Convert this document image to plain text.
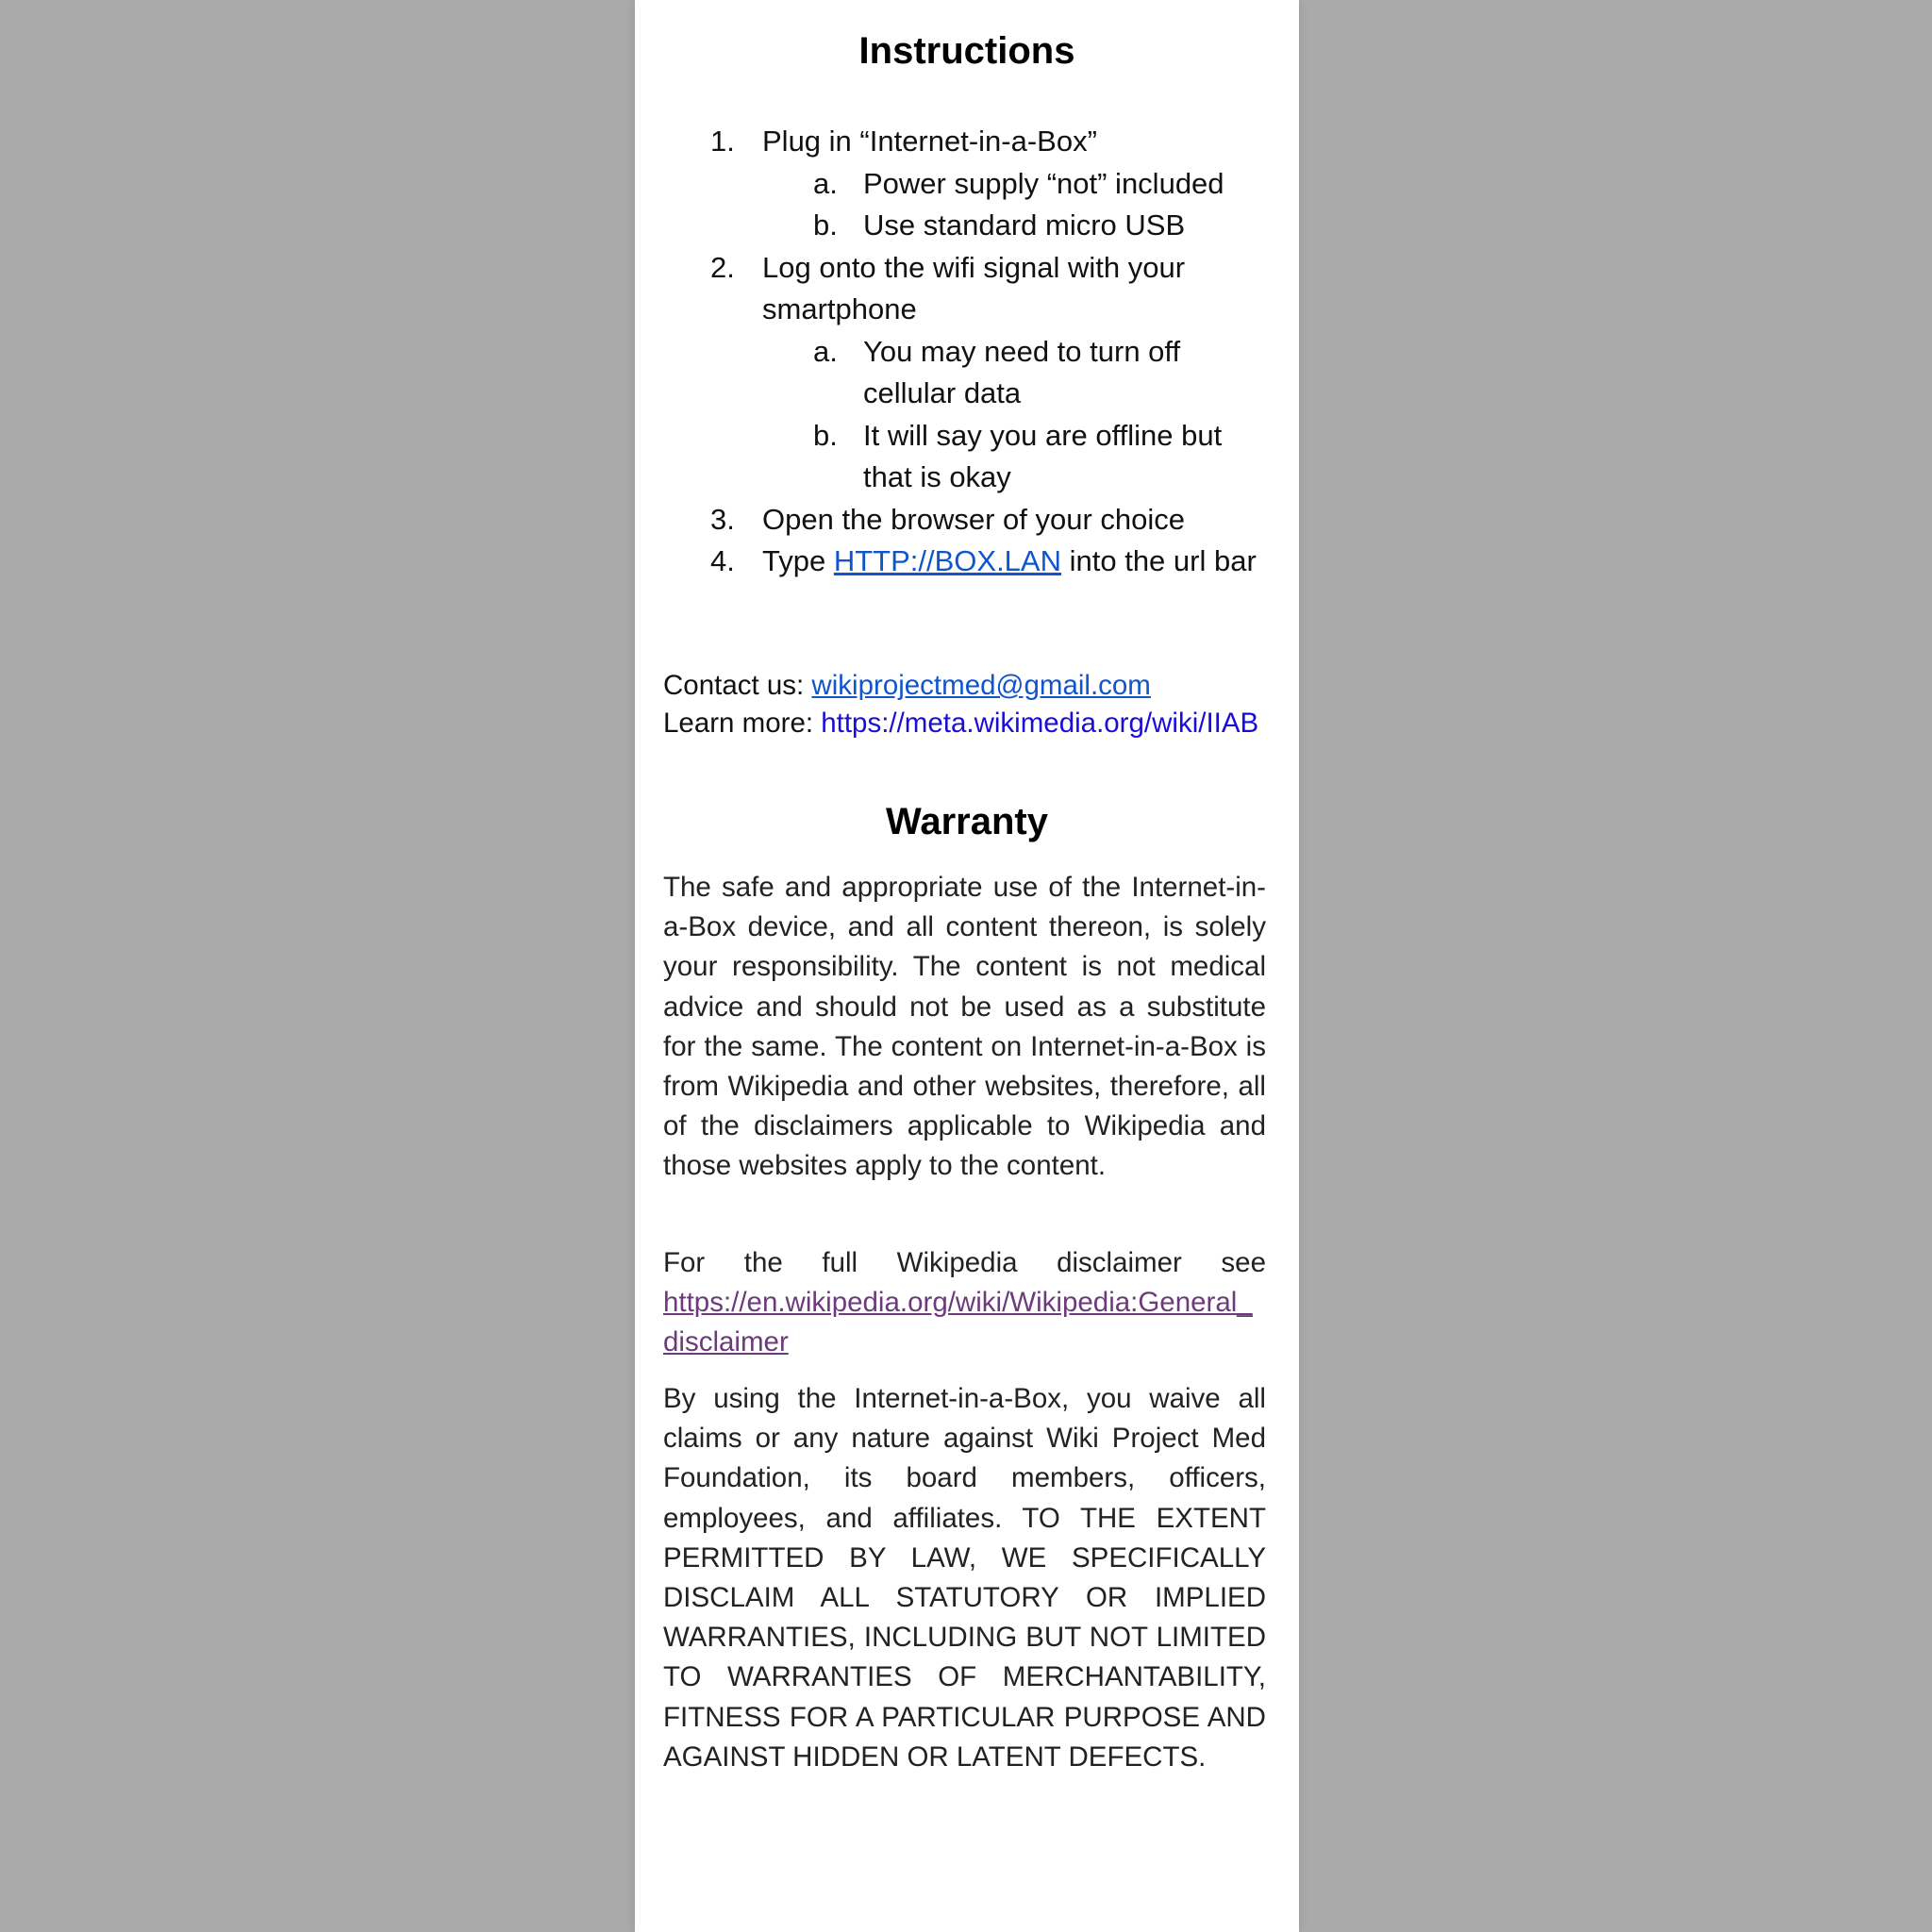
Instructions
1. Plug in “Internet-in-a-Box”
a. Power supply “not” included
b. Use standard micro USB
2. Log onto the wifi signal with your smartphone
a. You may need to turn off cellular data
b. It will say you are offline but that is okay
3. Open the browser of your choice
4. Type HTTP://BOX.LAN into the url bar
Contact us: wikiprojectmed@gmail.com
Learn more: https://meta.wikimedia.org/wiki/IIAB
Warranty

The safe and appropriate use of the Internet-in-a-Box device, and all content thereon, is solely your responsibility. The content is not medical advice and should not be used as a substitute for the same. The content on Internet-in-a-Box is from Wikipedia and other websites, therefore, all of the disclaimers applicable to Wikipedia and those websites apply to the content.

For the full Wikipedia disclaimer see
https://en.wikipedia.org/wiki/Wikipedia:General_disclaimer

By using the Internet-in-a-Box, you waive all claims or any nature against Wiki Project Med Foundation, its board members, officers, employees, and affiliates. TO THE EXTENT PERMITTED BY LAW, WE SPECIFICALLY DISCLAIM ALL STATUTORY OR IMPLIED WARRANTIES, INCLUDING BUT NOT LIMITED TO WARRANTIES OF MERCHANTABILITY, FITNESS FOR A PARTICULAR PURPOSE AND AGAINST HIDDEN OR LATENT DEFECTS.
